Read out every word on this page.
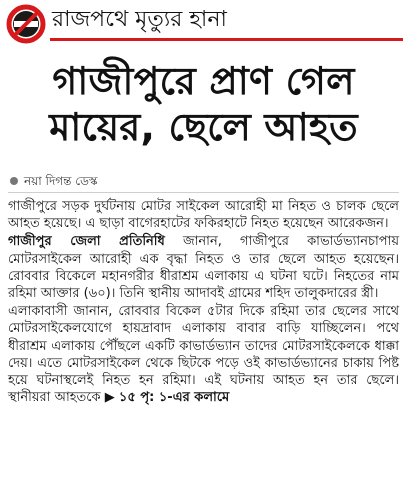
রাজপথে মৃত্যুর হানা
গাজীপুরে প্রাণ গেল
মায়ের, ছেলে আহত
নয়া দিগন্ত ডেস্ক

গাজীপুরে সড়ক দুর্ঘটনায় মোটর সাইকেল আরোহী মা নিহত ও চালক ছেলে আহত হয়েছে। এ ছাড়া বাগেরহাটের ফকিরহাটে নিহত হয়েছেন আরেকজন।

গাজীপুর জেলা প্রতিনিধি জানান, গাজীপুরে কাভার্ডভ্যানচাপায় মোটরসাইকেল আরোহী এক বৃদ্ধা নিহত ও তার ছেলে আহত হয়েছেন। রোববার বিকেলে মহানগরীর ধীরাশ্রম এলাকায় এ ঘটনা ঘটে। নিহতের নাম রহিমা আক্তার (৬০)। তিনি স্থানীয় আদাবই গ্রামের শহিদ তালুকদারের স্ত্রী।

এলাকাবাসী জানান, রোববার বিকেল ৫টার দিকে রহিমা তার ছেলের সাথে মোটরসাইকেলযোগে হায়দ্রাবাদ এলাকায় বাবার বাড়ি যাচ্ছিলেন। পথে ধীরাশ্রম এলাকায় পৌঁছলে একটি কাভার্ডভ্যান তাদের মোটরসাইকেলকে ধাক্কা দেয়। এতে মোটরসাইকেল থেকে ছিটকে পড়ে ওই কাভার্ডভ্যানের চাকায় পিষ্ট হয়ে ঘটনাস্থলেই নিহত হন রহিমা। এই ঘটনায় আহত হন তার ছেলে। স্থানীয়রা আহতকে ▶ ১৫ পৃ: ১-এর কলামে
